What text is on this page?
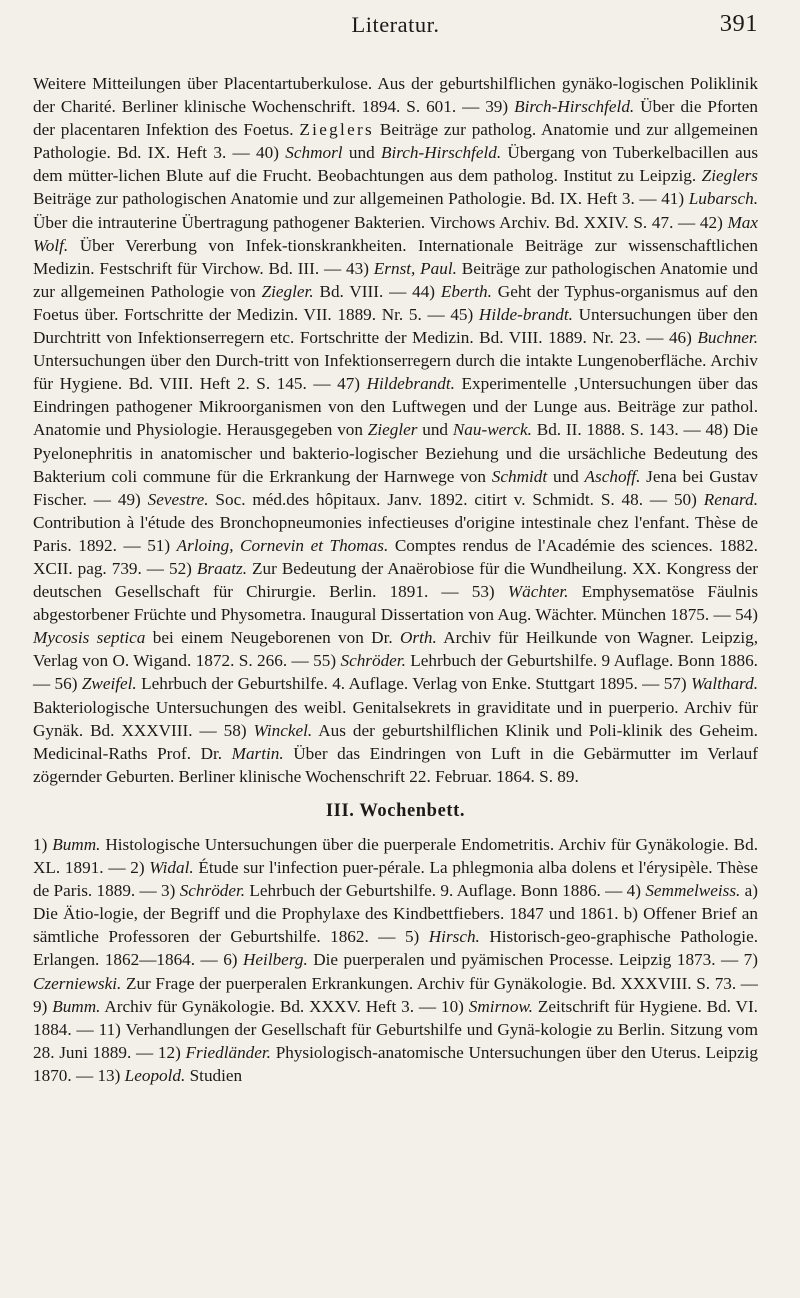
Literatur.	391

Weitere Mitteilungen über Placentartuberkulose. Aus der geburtshilflichen gynäko-logischen Poliklinik der Charité. Berliner klinische Wochenschrift. 1894. S. 601. — 39) Birch-Hirschfeld. Über die Pforten der placentaren Infektion des Foetus. Zieglers Beiträge zur patholog. Anatomie und zur allgemeinen Pathologie. Bd. IX. Heft 3. — 40) Schmorl und Birch-Hirschfeld. Übergang von Tuberkelbacillen aus dem mütter-lichen Blute auf die Frucht. Beobachtungen aus dem patholog. Institut zu Leipzig. Zieglers Beiträge zur pathologischen Anatomie und zur allgemeinen Pathologie. Bd. IX. Heft 3. — 41) Lubarsch. Über die intrauterine Übertragung pathogener Bakterien. Virchows Archiv. Bd. XXIV. S. 47. — 42) Max Wolf. Über Vererbung von Infek-tionskrankheiten. Internationale Beiträge zur wissenschaftlichen Medizin. Festschrift für Virchow. Bd. III. — 43) Ernst, Paul. Beiträge zur pathologischen Anatomie und zur allgemeinen Pathologie von Ziegler. Bd. VIII. — 44) Eberth. Geht der Typhus-organismus auf den Foetus über. Fortschritte der Medizin. VII. 1889. Nr. 5. — 45) Hilde-brandt. Untersuchungen über den Durchtritt von Infektionserregern etc. Fortschritte der Medizin. Bd. VIII. 1889. Nr. 23. — 46) Buchner. Untersuchungen über den Durch-tritt von Infektionserregern durch die intakte Lungenoberfläche. Archiv für Hygiene. Bd. VIII. Heft 2. S. 145. — 47) Hildebrandt. Experimentelle ‚Untersuchungen über das Eindringen pathogener Mikroorganismen von den Luftwegen und der Lunge aus. Beiträge zur pathol. Anatomie und Physiologie. Herausgegeben von Ziegler und Nau-werck. Bd. II. 1888. S. 143. — 48) Die Pyelonephritis in anatomischer und bakterio-logischer Beziehung und die ursächliche Bedeutung des Bakterium coli commune für die Erkrankung der Harnwege von Schmidt und Aschoff. Jena bei Gustav Fischer. — 49) Sevestre. Soc. méd.des hôpitaux. Janv. 1892. citirt v. Schmidt. S. 48. — 50) Renard. Contribution à l'étude des Bronchopneumonies infectieuses d'origine intestinale chez l'enfant. Thèse de Paris. 1892. — 51) Arloing, Cornevin et Thomas. Comptes rendus de l'Académie des sciences. 1882. XCII. pag. 739. — 52) Braatz. Zur Bedeutung der Anaërobiose für die Wundheilung. XX. Kongress der deutschen Gesellschaft für Chirurgie. Berlin. 1891. — 53) Wächter. Emphysematöse Fäulnis abgestorbener Früchte und Physometra. Inaugural Dissertation von Aug. Wächter. München 1875. — 54) Mycosis septica bei einem Neugeborenen von Dr. Orth. Archiv für Heilkunde von Wagner. Leipzig, Verlag von O. Wigand. 1872. S. 266. — 55) Schröder. Lehrbuch der Geburtshilfe. 9 Auflage. Bonn 1886. — 56) Zweifel. Lehrbuch der Geburtshilfe. 4. Auflage. Verlag von Enke. Stuttgart 1895. — 57) Walthard. Bakteriologische Untersuchungen des weibl. Genitalsekrets in graviditate und in puerperio. Archiv für Gynäk. Bd. XXXVIII. — 58) Winckel. Aus der geburtshilflichen Klinik und Poli-klinik des Geheim. Medicinal-Raths Prof. Dr. Martin. Über das Eindringen von Luft in die Gebärmutter im Verlauf zögernder Geburten. Berliner klinische Wochenschrift 22. Februar. 1864. S. 89.

III. Wochenbett.

1) Bumm. Histologische Untersuchungen über die puerperale Endometritis. Archiv für Gynäkologie. Bd. XL. 1891. — 2) Widal. Étude sur l'infection puer-pérale. La phlegmonia alba dolens et l'érysipèle. Thèse de Paris. 1889. — 3) Schröder. Lehrbuch der Geburtshilfe. 9. Auflage. Bonn 1886. — 4) Semmelweiss. a) Die Ätio-logie, der Begriff und die Prophylaxe des Kindbettfiebers. 1847 und 1861. b) Offener Brief an sämtliche Professoren der Geburtshilfe. 1862. — 5) Hirsch. Historisch-geo-graphische Pathologie. Erlangen. 1862—1864. — 6) Heilberg. Die puerperalen und pyämischen Processe. Leipzig 1873. — 7) Czerniewski. Zur Frage der puerperalen Erkrankungen. Archiv für Gynäkologie. Bd. XXXVIII. S. 73. — 9) Bumm. Archiv für Gynäkologie. Bd. XXXV. Heft 3. — 10) Smirnow. Zeitschrift für Hygiene. Bd. VI. 1884. — 11) Verhandlungen der Gesellschaft für Geburtshilfe und Gynä-kologie zu Berlin. Sitzung vom 28. Juni 1889. — 12) Friedländer. Physiologisch-anatomische Untersuchungen über den Uterus. Leipzig 1870. — 13) Leopold. Studien
